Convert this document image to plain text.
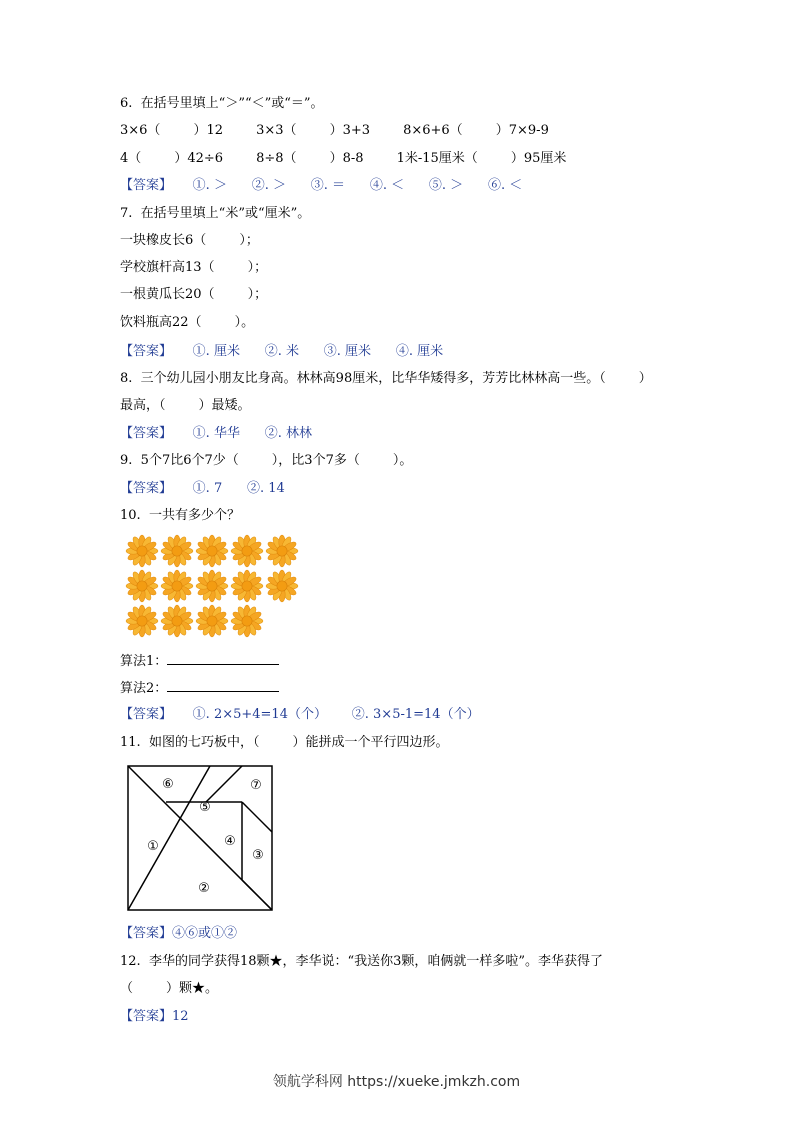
6.  在括号里填上“＞”“＜”或“＝”。
3×6（        ）12        3×3（        ）3+3        8×6+6（        ）7×9-9
4（        ）42÷6        8÷8（        ）8-8        1米-15厘米（        ）95厘米
【答案】     ①. ＞      ②. ＞      ③. ＝      ④. ＜      ⑤. ＞      ⑥. ＜
7.  在括号里填上“米”或“厘米”。
一块橡皮长6（        ）；
学校旗杆高13（        ）；
一根黄瓜长20（        ）；
饮料瓶高22（        ）。
【答案】     ①. 厘米      ②. 米      ③. 厘米      ④. 厘米
8.  三个幼儿园小朋友比身高。林林高98厘米，比华华矮得多，芳芳比林林高一些。（        ）
最高，（        ）最矮。
【答案】     ①. 华华      ②. 林林
9.  5个7比6个7少（        ），比3个7多（        ）。
【答案】     ①. 7      ②. 14
10.  一共有多少个？
算法1：
算法2：
【答案】     ①. 2×5+4=14（个）      ②. 3×5-1=14（个）
11.  如图的七巧板中，（        ）能拼成一个平行四边形。
⑥	⑦
⑤
①	④
③
②
【答案】④⑥或①②
12.  李华的同学获得18颗★，李华说：“我送你3颗，咱俩就一样多啦”。李华获得了
（        ）颗★。
【答案】12
领航学科网 https://xueke.jmkzh.com
